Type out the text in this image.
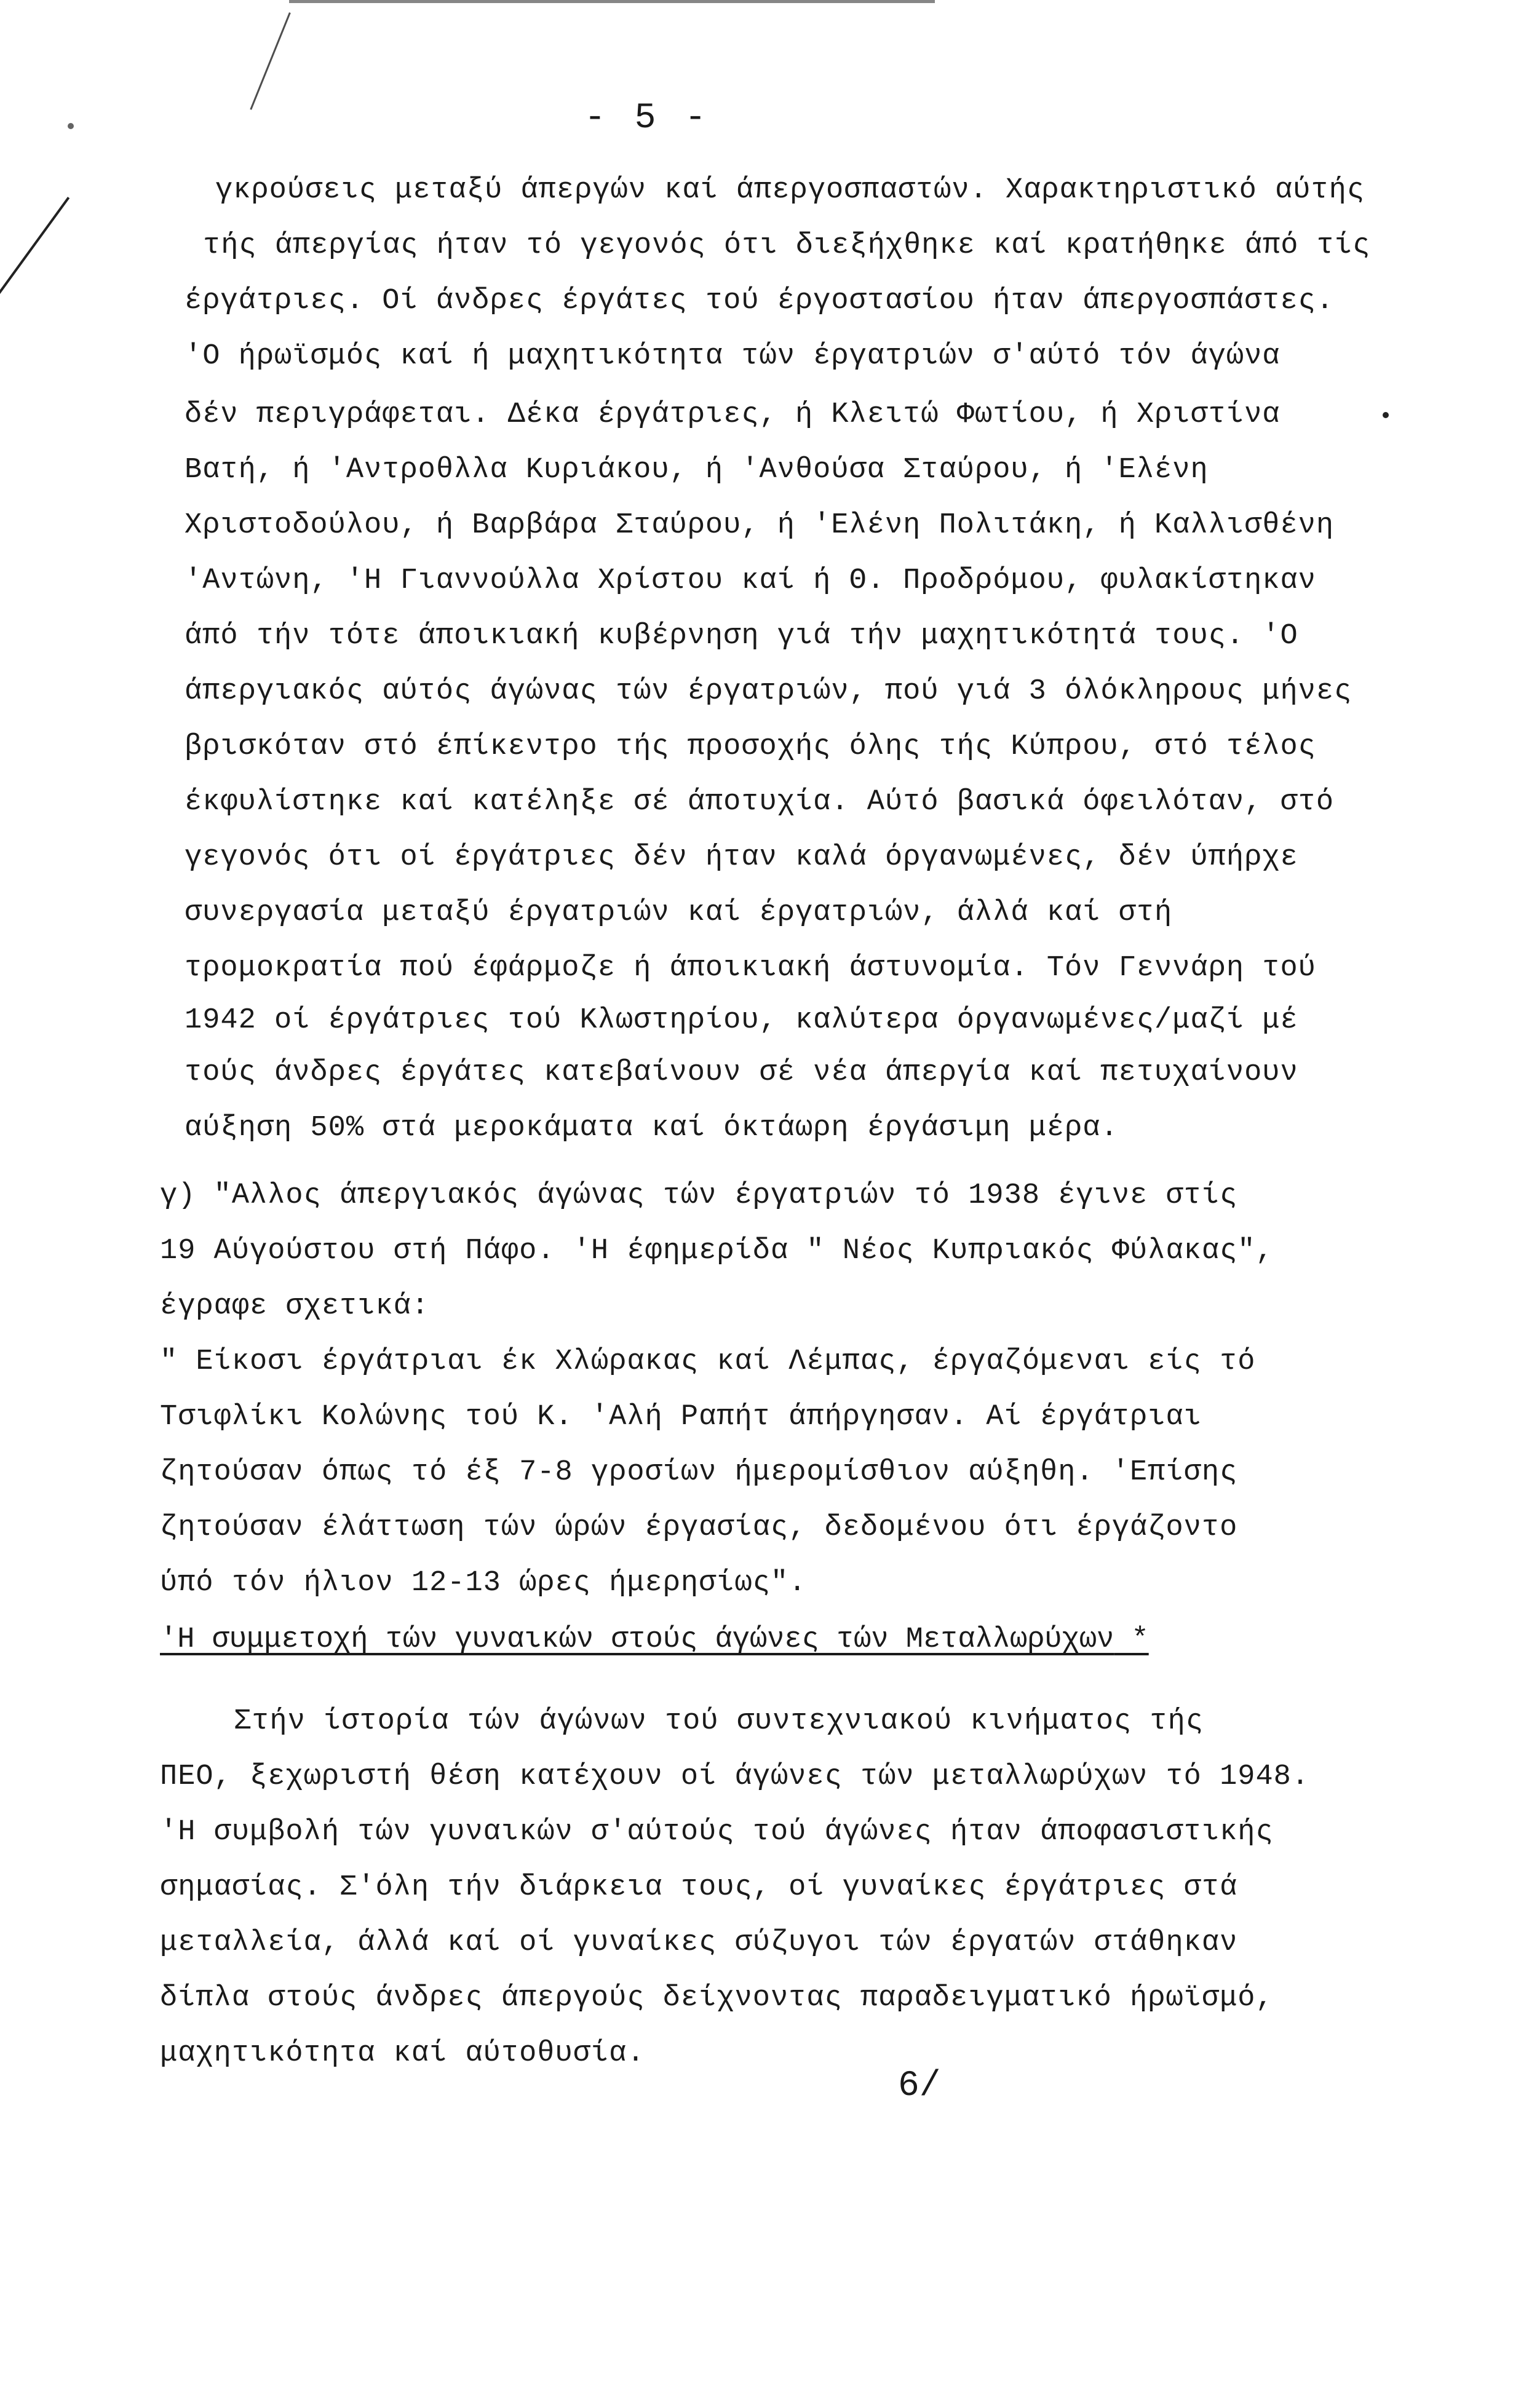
- 5 -
γκρούσεις μεταξύ άπεργών καί άπεργοσπαστών. Χαρακτηριστικό αύτής
τής άπεργίας ήταν τό γεγονός ότι διεξήχθηκε καί κρατήθηκε άπό τίς
έργάτριες. Οί άνδρες έργάτες τού έργοστασίου ήταν άπεργοσπάστες.
'Ο ήρωϊσμός καί ή μαχητικότητα τών έργατριών σ'αύτό τόν άγώνα
δέν περιγράφεται. Δέκα έργάτριες, ή Κλειτώ Φωτίου, ή Χριστίνα
Βατή, ή 'Αντροθλλα Κυριάκου, ή 'Ανθούσα Σταύρου, ή 'Ελένη
Χριστοδούλου, ή Βαρβάρα Σταύρου, ή 'Ελένη Πολιτάκη, ή Καλλισθένη
'Αντώνη, 'Η Γιαννούλλα Χρίστου καί ή Θ. Προδρόμου, φυλακίστηκαν
άπό τήν τότε άποικιακή κυβέρνηση γιά τήν μαχητικότητά τους. 'Ο
άπεργιακός αύτός άγώνας τών έργατριών, πού γιά 3 όλόκληρους μήνες
βρισκόταν στό έπίκεντρο τής προσοχής όλης τής Κύπρου, στό τέλος
έκφυλίστηκε καί κατέληξε σέ άποτυχία. Αύτό βασικά όφειλόταν, στό
γεγονός ότι οί έργάτριες δέν ήταν καλά όργανωμένες, δέν ύπήρχε
συνεργασία μεταξύ έργατριών καί έργατριών, άλλά καί στή
τρομοκρατία πού έφάρμοζε ή άποικιακή άστυνομία. Τόν Γεννάρη τού
1942 οί έργάτριες τού Κλωστηρίου, καλύτερα όργανωμένες/μαζί μέ
τούς άνδρες έργάτες κατεβαίνουν σέ νέα άπεργία καί πετυχαίνουν
αύξηση 50% στά μεροκάματα καί όκτάωρη έργάσιμη μέρα.
γ) "Αλλος άπεργιακός άγώνας τών έργατριών τό 1938 έγινε στίς
19 Αύγούστου στή Πάφο. 'Η έφημερίδα " Νέος Κυπριακός Φύλακας",
έγραφε σχετικά:
" Είκοσι έργάτριαι έκ Χλώρακας καί Λέμπας, έργαζόμεναι είς τό
Τσιφλίκι Κολώνης τού Κ. 'Αλή Ραπήτ άπήργησαν. Αί έργάτριαι
ζητούσαν όπως τό έξ 7-8 γροσίων ήμερομίσθιον αύξηθη. 'Επίσης
ζητούσαν έλάττωση τών ώρών έργασίας, δεδομένου ότι έργάζοντο
ύπό τόν ήλιον 12-13 ώρες ήμερησίως".
'Η συμμετοχή τών γυναικών στούς άγώνες τών Μεταλλωρύχων *
Στήν ίστορία τών άγώνων τού συντεχνιακού κινήματος τής
ΠΕΟ, ξεχωριστή θέση κατέχουν οί άγώνες τών μεταλλωρύχων τό 1948.
'Η συμβολή τών γυναικών σ'αύτούς τού άγώνες ήταν άποφασιστικής
σημασίας. Σ'όλη τήν διάρκεια τους, οί γυναίκες έργάτριες στά
μεταλλεία, άλλά καί οί γυναίκες σύζυγοι τών έργατών στάθηκαν
δίπλα στούς άνδρες άπεργούς δείχνοντας παραδειγματικό ήρωϊσμό,
μαχητικότητα καί αύτοθυσία.
6/
